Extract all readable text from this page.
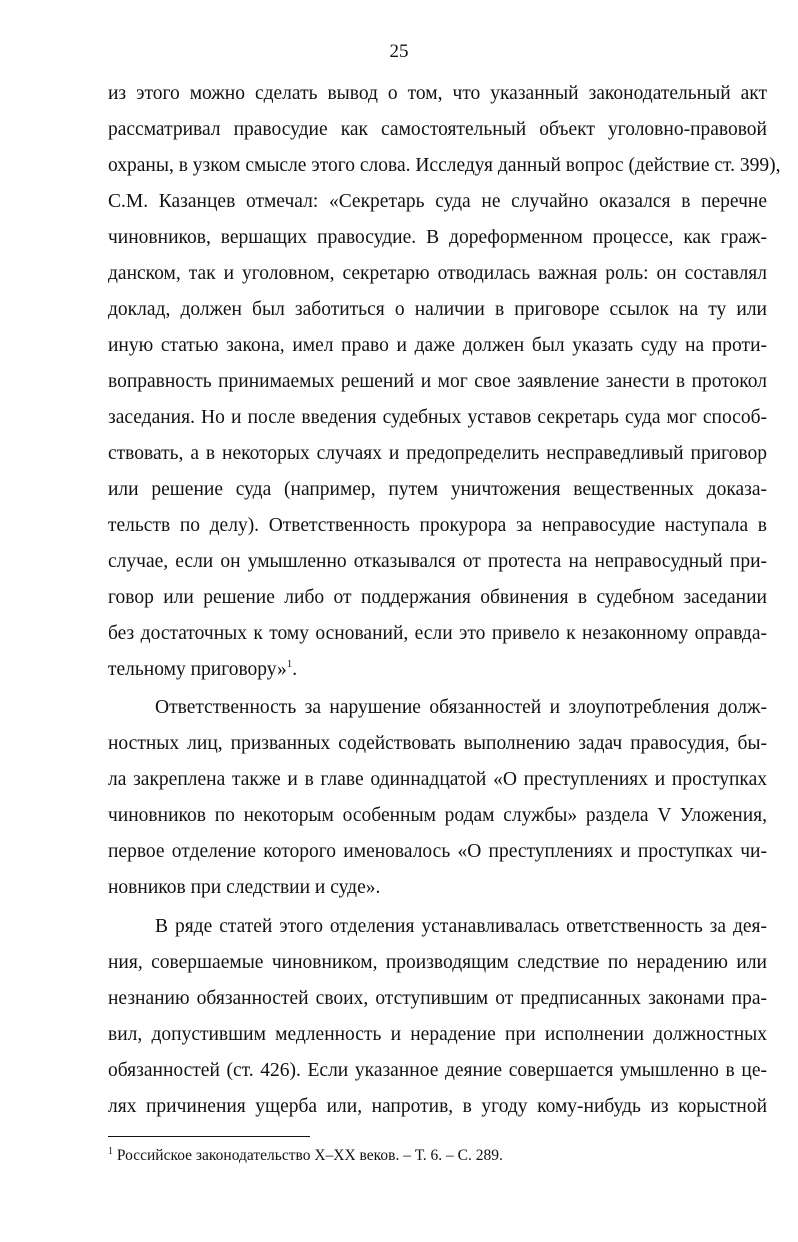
25
из этого можно сделать вывод о том, что указанный законодательный акт
рассматривал правосудие как самостоятельный объект уголовно-правовой
охраны, в узком смысле этого слова. Исследуя данный вопрос (действие ст. 399),
С.М. Казанцев отмечал: «Секретарь суда не случайно оказался в перечне
чиновников, вершащих правосудие. В дореформенном процессе, как граж-
данском, так и уголовном, секретарю отводилась важная роль: он составлял
доклад, должен был заботиться о наличии в приговоре ссылок на ту или
иную статью закона, имел право и даже должен был указать суду на проти-
воправность принимаемых решений и мог свое заявление занести в протокол
заседания. Но и после введения судебных уставов секретарь суда мог способ-
ствовать, а в некоторых случаях и предопределить несправедливый приговор
или решение суда (например, путем уничтожения вещественных доказа-
тельств по делу). Ответственность прокурора за неправосудие наступала в
случае, если он умышленно отказывался от протеста на неправосудный при-
говор или решение либо от поддержания обвинения в судебном заседании
без достаточных к тому оснований, если это привело к незаконному оправда-
тельному приговору»$^1$.
Ответственность за нарушение обязанностей и злоупотребления долж-
ностных лиц, призванных содействовать выполнению задач правосудия, бы-
ла закреплена также и в главе одиннадцатой «О преступлениях и проступках
чиновников по некоторым особенным родам службы» раздела V Уложения,
первое отделение которого именовалось «О преступлениях и проступках чи-
новников при следствии и суде».
В ряде статей этого отделения устанавливалась ответственность за дея-
ния, совершаемые чиновником, производящим следствие по нерадению или
незнанию обязанностей своих, отступившим от предписанных законами пра-
вил, допустившим медленность и нерадение при исполнении должностных
обязанностей (ст. 426). Если указанное деяние совершается умышленно в це-
лях причинения ущерба или, напротив, в угоду кому-нибудь из корыстной
$^1$ Российское законодательство X–XX веков. – Т. 6. – С. 289.
